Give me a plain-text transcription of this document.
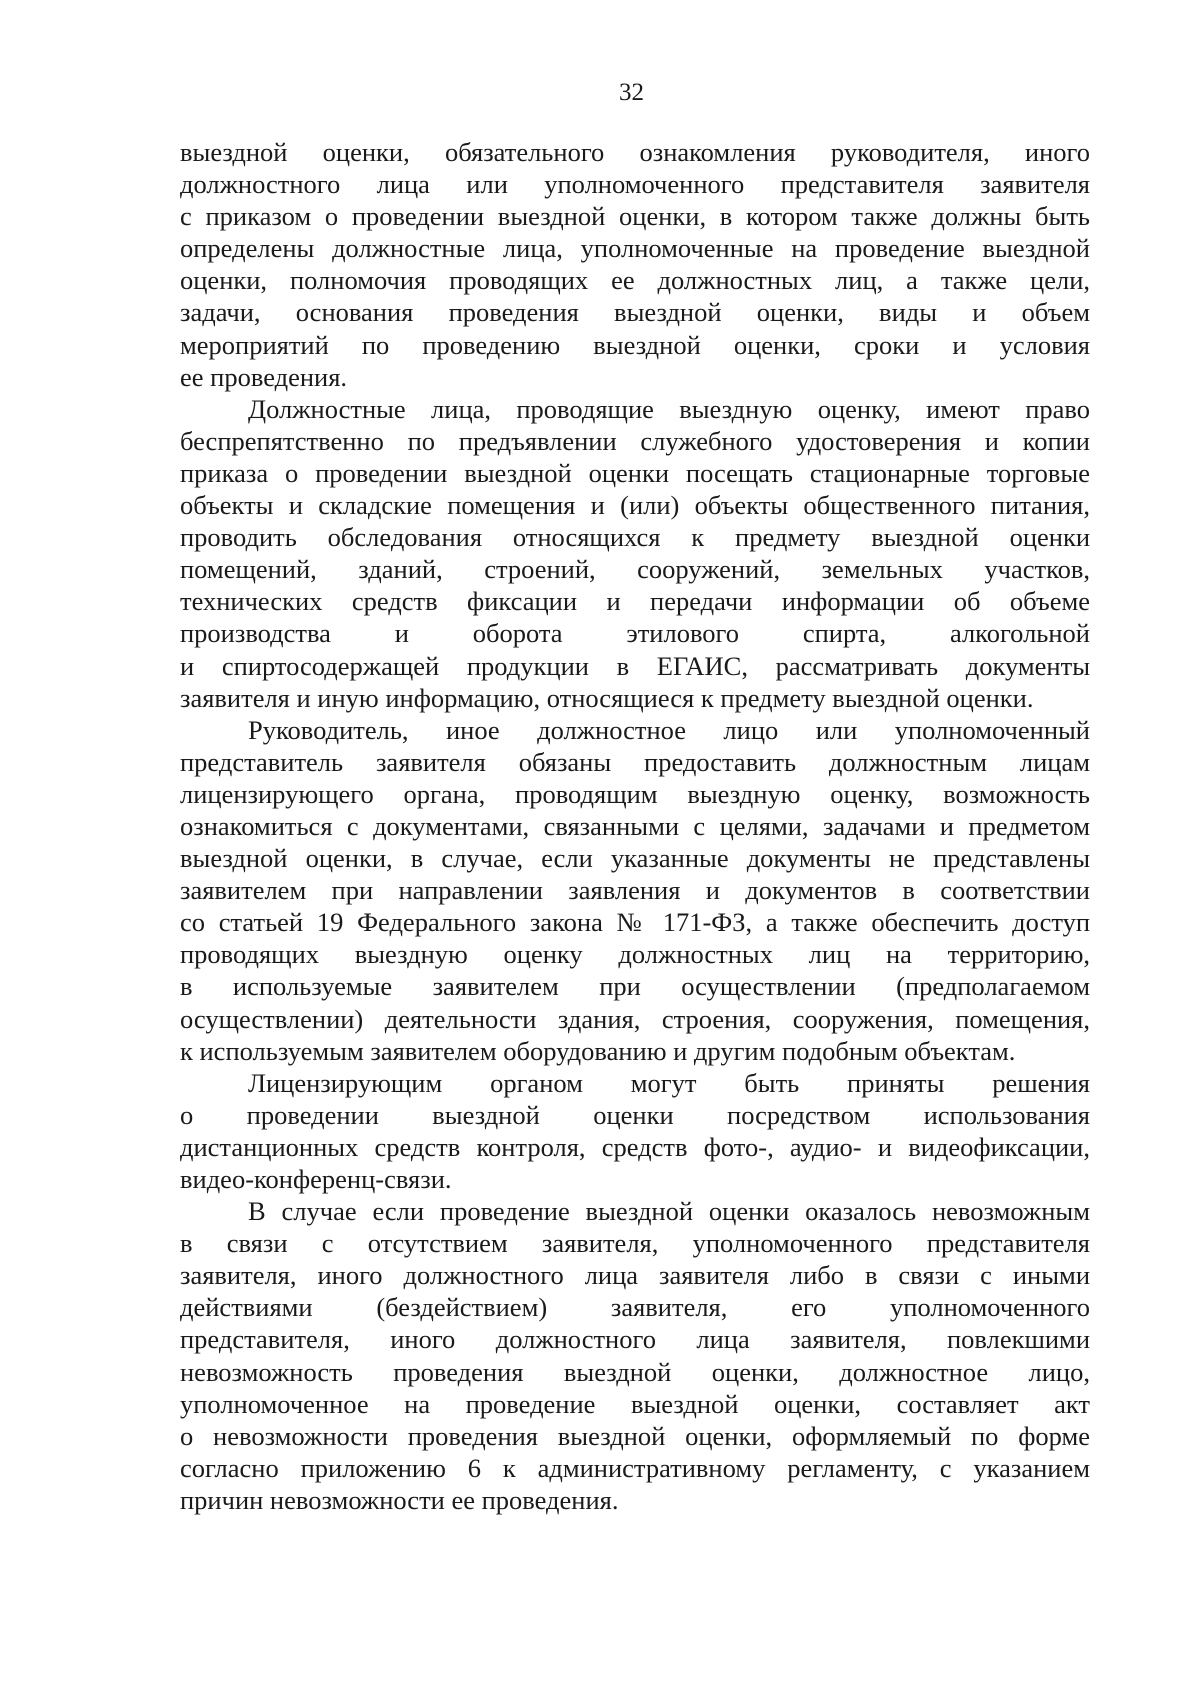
32
выездной оценки, обязательного ознакомления руководителя, иного
должностного лица или уполномоченного представителя заявителя
с приказом о проведении выездной оценки, в котором также должны быть
определены должностные лица, уполномоченные на проведение выездной
оценки, полномочия проводящих ее должностных лиц, а также цели,
задачи, основания проведения выездной оценки, виды и объем
мероприятий по проведению выездной оценки, сроки и условия
ее проведения.
Должностные лица, проводящие выездную оценку, имеют право
беспрепятственно по предъявлении служебного удостоверения и копии
приказа о проведении выездной оценки посещать стационарные торговые
объекты и складские помещения и (или) объекты общественного питания,
проводить обследования относящихся к предмету выездной оценки
помещений, зданий, строений, сооружений, земельных участков,
технических средств фиксации и передачи информации об объеме
производства и оборота этилового спирта, алкогольной
и спиртосодержащей продукции в ЕГАИС, рассматривать документы
заявителя и иную информацию, относящиеся к предмету выездной оценки.
Руководитель, иное должностное лицо или уполномоченный
представитель заявителя обязаны предоставить должностным лицам
лицензирующего органа, проводящим выездную оценку, возможность
ознакомиться с документами, связанными с целями, задачами и предметом
выездной оценки, в случае, если указанные документы не представлены
заявителем при направлении заявления и документов в соответствии
со статьей 19 Федерального закона № 171-ФЗ, а также обеспечить доступ
проводящих выездную оценку должностных лиц на территорию,
в используемые заявителем при осуществлении (предполагаемом
осуществлении) деятельности здания, строения, сооружения, помещения,
к используемым заявителем оборудованию и другим подобным объектам.
Лицензирующим органом могут быть приняты решения
о проведении выездной оценки посредством использования
дистанционных средств контроля, средств фото-, аудио- и видеофиксации,
видео-конференц-связи.
В случае если проведение выездной оценки оказалось невозможным
в связи с отсутствием заявителя, уполномоченного представителя
заявителя, иного должностного лица заявителя либо в связи с иными
действиями (бездействием) заявителя, его уполномоченного
представителя, иного должностного лица заявителя, повлекшими
невозможность проведения выездной оценки, должностное лицо,
уполномоченное на проведение выездной оценки, составляет акт
о невозможности проведения выездной оценки, оформляемый по форме
согласно приложению 6 к административному регламенту, с указанием
причин невозможности ее проведения.
